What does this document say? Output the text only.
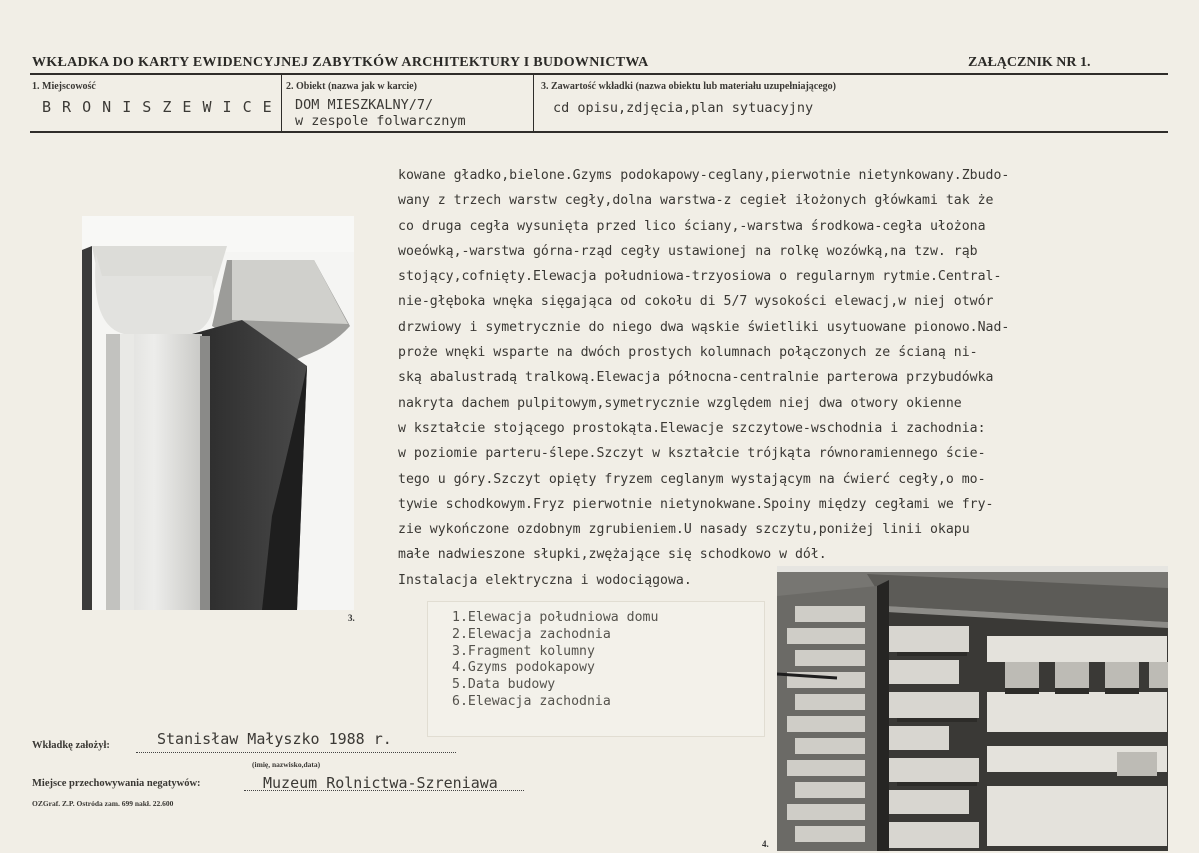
WKŁADKA DO KARTY EWIDENCYJNEJ ZABYTKÓW ARCHITEKTURY I BUDOWNICTWA	ZAŁĄCZNIK NR 1.
1. Miejscowość
B R O N I S Z E W I C E
2. Obiekt (nazwa jak w karcie)
DOM MIESZKALNY/7/
w zespole folwarcznym
3. Zawartość wkładki (nazwa obiektu lub materiału uzupełniającego)
cd opisu,zdjęcia,plan sytuacyjny
kowane gładko,bielone.Gzyms podokapowy-ceglany,pierwotnie nietynkowany.Zbudo-
wany z trzech warstw cegły,dolna warstwa-z cegieł iłożonych główkami tak że
co druga cegła wysunięta przed lico ściany,-warstwa środkowa-cegła ułożona
woeówką,-warstwa górna-rząd cegły ustawionej na rolkę wozówką,na tzw. rąb
stojący,cofnięty.Elewacja południowa-trzyosiowa o regularnym rytmie.Central-
nie-głęboka wnęka sięgająca od cokołu di 5/7 wysokości elewacj,w niej otwór
drzwiowy i symetrycznie do niego dwa wąskie świetliki usytuowane pionowo.Nad-
proże wnęki wsparte na dwóch prostych kolumnach połączonych ze ścianą ni-
ską abalustradą tralkową.Elewacja północna-centralnie parterowa przybudówka
nakryta dachem pulpitowym,symetrycznie względem niej dwa otwory okienne
w kształcie stojącego prostokąta.Elewacje szczytowe-wschodnia i zachodnia:
w poziomie parteru-ślepe.Szczyt w kształcie trójkąta równoramiennego ście-
tego u góry.Szczyt opięty fryzem ceglanym wystającym na ćwierć cegły,o mo-
tywie schodkowym.Fryz pierwotnie nietynokwane.Spoiny między cegłami we fry-
zie wykończone ozdobnym zgrubieniem.U nasady szczytu,poniżej linii okapu
małe nadwieszone słupki,zwężające się schodkowo w dół.
Instalacja elektryczna i wodociągowa.
3.	1.Elewacja południowa domu
2.Elewacja zachodnia
3.Fragment kolumny
4.Gzyms podokapowy
5.Data budowy
6.Elewacja zachodnia
4.
Wkładkę założył:	Stanisław Małyszko 1988 r.
(imię, nazwisko,data)
Miejsce przechowywania negatywów:	Muzeum Rolnictwa-Szreniawa
OZGraf. Z.P. Ostróda zam. 699 nakł. 22.600
